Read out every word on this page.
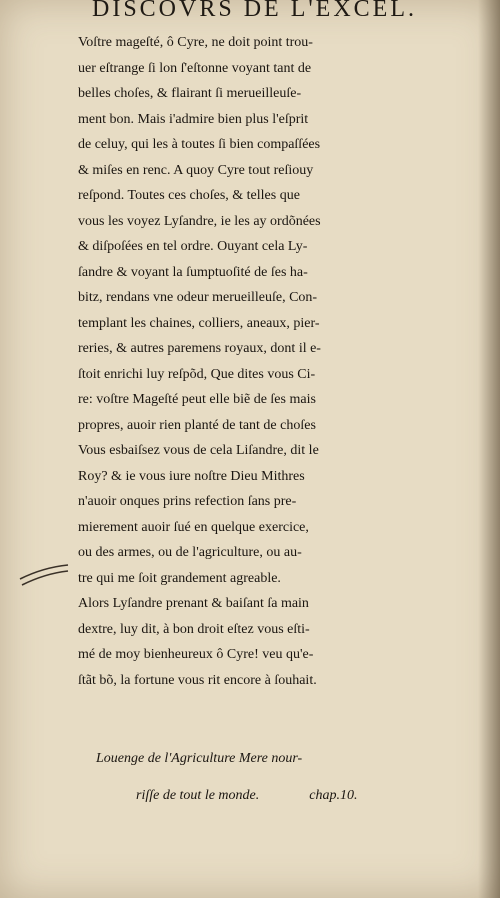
DISCOVRS DE L'EXCEL.
Voſtre mageſté, ô Cyre, ne doit point trou-
uer eſtrange ſi lon ſ'eſtonne voyant tant de
belles choſes, & flairant ſi merueilleuſe-
ment bon. Mais i'admire bien plus l'eſprit
de celuy, qui les à toutes ſi bien compaſſées
& miſes en renc. A quoy Cyre tout reſiouy
reſpond. Toutes ces choſes, & telles que
vous les voyez Lyſandre, ie les ay ordõnées
& diſpoſées en tel ordre. Ouyant cela Ly-
ſandre & voyant la ſumptuoſité de ſes ha-
bitz, rendans vne odeur merueilleuſe, Con-
templant les chaines, colliers, aneaux, pier-
reries, & autres paremens royaux, dont il e-
ſtoit enrichi luy reſpõd, Que dites vous Ci-
re: voſtre Mageſté peut elle biẽ de ſes mais
propres, auoir rien planté de tant de choſes
Vous esbaiſsez vous de cela Liſandre, dit le
Roy? & ie vous iure noſtre Dieu Mithres
n'auoir onques prins refection ſans pre-
mierement auoir ſué en quelque exercice,
ou des armes, ou de l'agriculture, ou au-
tre qui me ſoit grandement agreable.
Alors Lyſandre prenant & baiſant ſa main
dextre, luy dit, à bon droit eſtez vous eſti-
mé de moy bienheureux ô Cyre! veu qu'e-
ſtãt bõ, la fortune vous rit encore à ſouhait.
Louenge de l'Agriculture Mere nour-
riſſe de tout le monde.	chap.10.
